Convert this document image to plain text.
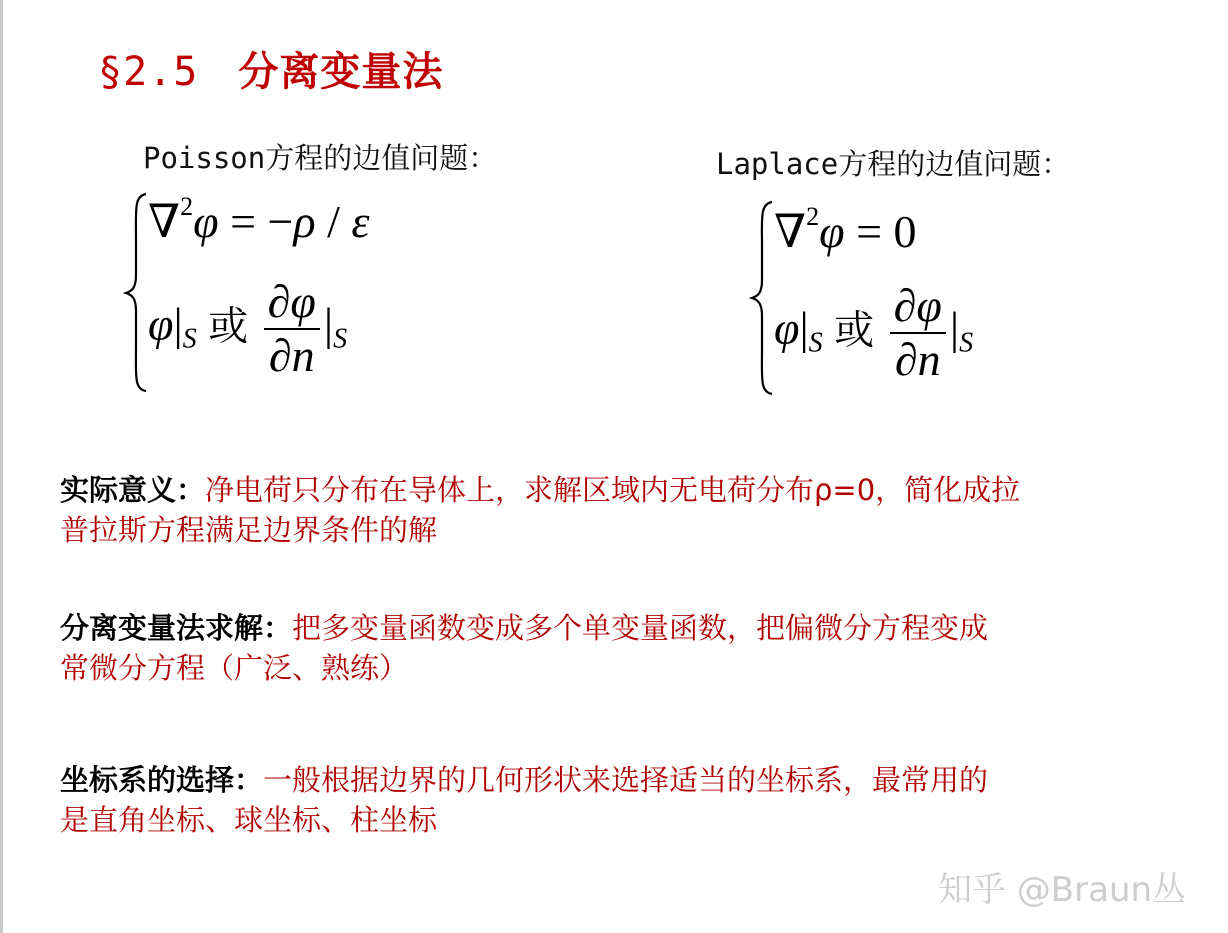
§2.5 分离变量法
Poisson方程的边值问题：	Laplace方程的边值问题：
∇$^2$φ = −ρ / ε
$\varphi|_S$ 或 $\frac{\partial\varphi}{\partial n} |_S$
∇$^2$φ = 0
$\varphi|_S$ 或 $\frac{\partial\varphi}{\partial n} |_S$
实际意义：净电荷只分布在导体上，求解区域内无电荷分布ρ=0，简化成拉
普拉斯方程满足边界条件的解
分离变量法求解：把多变量函数变成多个单变量函数，把偏微分方程变成
常微分方程（广泛、熟练）
坐标系的选择：一般根据边界的几何形状来选择适当的坐标系，最常用的
是直角坐标、球坐标、柱坐标
知乎 @Braun丛
